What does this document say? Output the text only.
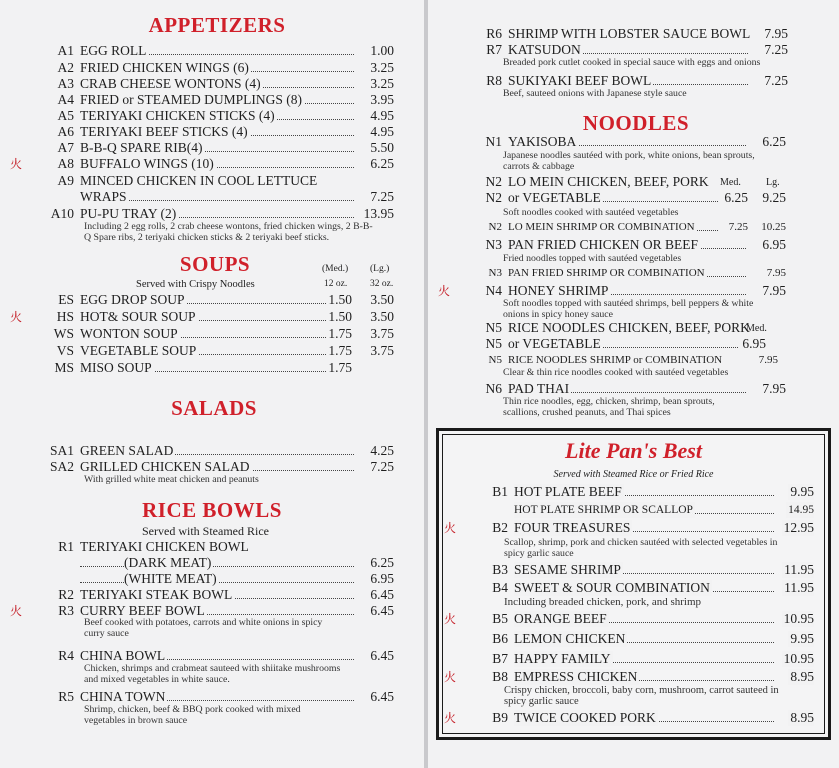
APPETIZERS
A1 EGG ROLL	1.00
A2 FRIED CHICKEN WINGS (6)	3.25
A3 CRAB CHEESE WONTONS (4)	3.25
A4 FRIED or STEAMED DUMPLINGS (8)	3.95
A5 TERIYAKI CHICKEN STICKS (4)	4.95
A6 TERIYAKI BEEF STICKS (4)	4.95
A7 B-B-Q SPARE RIB(4)	5.50
火	A8 BUFFALO WINGS (10)	6.25
A9 MINCED CHICKEN IN COOL LETTUCE
WRAPS	7.25
A10 PU-PU TRAY (2)	13.95
Including 2 egg rolls, 2 crab cheese wontons, fried chicken wings, 2 B-B-Q Spare ribs, 2 teriyaki chicken sticks & 2 teriyaki beef sticks.
SOUPS
Served with Crispy Noodles
(Med.) (Lg.)
12 oz. 32 oz.
ES EGG DROP SOUP	1.50 3.50
火	HS HOT& SOUR SOUP	1.50 3.50
WS WONTON SOUP	1.75 3.75
VS VEGETABLE SOUP	1.75 3.75
MS MISO SOUP	1.75
SALADS
SA1 GREEN SALAD	4.25
SA2 GRILLED CHICKEN SALAD	7.25
With grilled white meat chicken and peanuts
RICE BOWLS
Served with Steamed Rice
R1 TERIYAKI CHICKEN BOWL
(DARK MEAT)	6.25
(WHITE MEAT)	6.95
R2 TERIYAKI STEAK BOWL	6.45
火	R3 CURRY BEEF BOWL	6.45
R4 CHINA BOWL	6.45
R5 CHINA TOWN	6.45
Beef cooked with potatoes, carrots and white onions in spicy curry sauce
Chicken, shrimps and crabmeat sauteed with shiitake mushrooms and mixed vegetables in white sauce.
Shrimp, chicken, beef & BBQ pork cooked with mixed vegetables in brown sauce
R6 SHRIMP WITH LOBSTER SAUCE BOWL 7.95
R7 KATSUDON	7.25
R8 SUKIYAKI BEEF BOWL	7.25
Breaded pork cutlet cooked in special sauce with eggs and onions
Beef, sauteed onions with Japanese style sauce
NOODLES
N1 YAKISOBA	6.25
Japanese noodles sautéed with pork, white onions, bean sprouts, carrots & cabbage
Med.	Lg.
N2 LO MEIN CHICKEN, BEEF, PORK
N2 or VEGETABLE	6.25 9.25
Soft noodles cooked with sautéed vegetables
N2 LO MEIN SHRIMP OR COMBINATION	7.25 10.25
N3 PAN FRIED CHICKEN OR BEEF	6.95
Fried noodles topped with sautéed vegetables
N3 PAN FRIED SHRIMP OR COMBINATION	7.95
火	N4 HONEY SHRIMP	7.95
Soft noodles topped with sautéed shrimps, bell peppers & white onions in spicy honey sauce
N5 RICE NOODLES CHICKEN, BEEF, PORK
Med.
N5 or VEGETABLE	6.95
N5 RICE NOODLES SHRIMP or COMBINATION	7.95
Clear & thin rice noodles cooked with sautéed vegetables
N6 PAD THAI	7.95
Thin rice noodles, egg, chicken, shrimp, bean sprouts, scallions, crushed peanuts, and Thai spices
Lite Pan's Best
Served with Steamed Rice or Fried Rice
B1 HOT PLATE BEEF	9.95
火	B2 FOUR TREASURES	12.95
B3 SESAME SHRIMP	11.95
B4 SWEET & SOUR COMBINATION	11.95
火	B5 ORANGE BEEF	10.95
B6 LEMON CHICKEN	9.95
B7 HAPPY FAMILY	10.95
火	B8 EMPRESS CHICKEN	8.95
火	B9 TWICE COOKED PORK	8.95
HOT PLATE SHRIMP OR SCALLOP	14.95
Scallop, shrimp, pork and chicken sautéed with selected vegetables in spicy garlic sauce
Including breaded chicken, pork, and shrimp
Crispy chicken, broccoli, baby corn, mushroom, carrot sauteed in spicy garlic sauce
